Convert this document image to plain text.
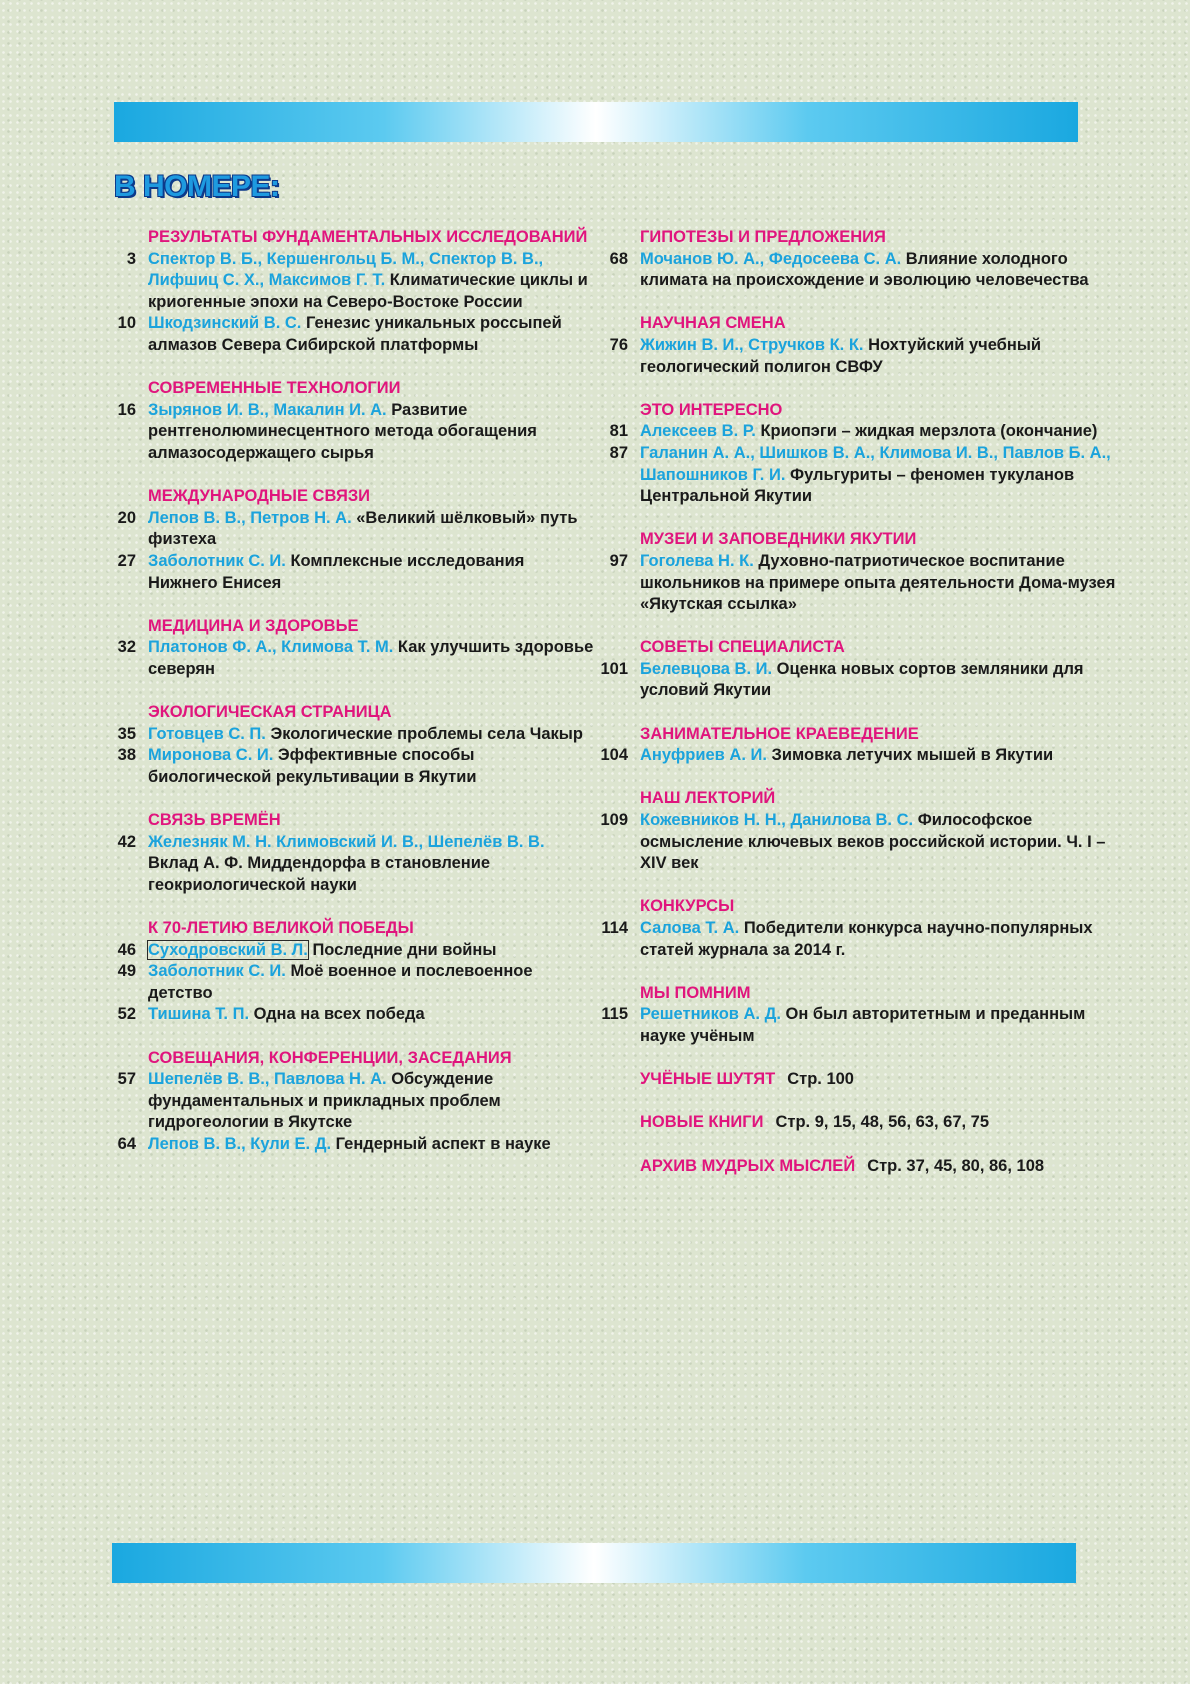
В НОМЕРЕ:
РЕЗУЛЬТАТЫ ФУНДАМЕНТАЛЬНЫХ ИССЛЕДОВАНИЙ
3 Спектор В. Б., Кершенгольц Б. М., Спектор В. В., Лифшиц С. Х., Максимов Г. Т. Климатические циклы и криогенные эпохи на Северо-Востоке России
10 Шкодзинский В. С. Генезис уникальных россыпей алмазов Севера Сибирской платформы
СОВРЕМЕННЫЕ ТЕХНОЛОГИИ
16 Зырянов И. В., Макалин И. А. Развитие рентгенолюминесцентного метода обогащения алмазосодержащего сырья
МЕЖДУНАРОДНЫЕ СВЯЗИ
20 Лепов В. В., Петров Н. А. «Великий шёлковый» путь физтеха
27 Заболотник С. И. Комплексные исследования Нижнего Енисея
МЕДИЦИНА И ЗДОРОВЬЕ
32 Платонов Ф. А., Климова Т. М. Как улучшить здоровье северян
ЭКОЛОГИЧЕСКАЯ СТРАНИЦА
35 Готовцев С. П. Экологические проблемы села Чакыр
38 Миронова С. И. Эффективные способы биологической рекультивации в Якутии
СВЯЗЬ ВРЕМЁН
42 Железняк М. Н. Климовский И. В., Шепелёв В. В. Вклад А. Ф. Миддендорфа в становление геокриологической науки
К 70-ЛЕТИЮ ВЕЛИКОЙ ПОБЕДЫ
46 Суходровский В. Л. Последние дни войны
49 Заболотник С. И. Моё военное и послевоенное детство
52 Тишина Т. П. Одна на всех победа
СОВЕЩАНИЯ, КОНФЕРЕНЦИИ, ЗАСЕДАНИЯ
57 Шепелёв В. В., Павлова Н. А. Обсуждение фундаментальных и прикладных проблем гидрогеологии в Якутске
64 Лепов В. В., Кули Е. Д. Гендерный аспект в науке
ГИПОТЕЗЫ И ПРЕДЛОЖЕНИЯ
68 Мочанов Ю. А., Федосеева С. А. Влияние холодного климата на происхождение и эволюцию человечества
НАУЧНАЯ СМЕНА
76 Жижин В. И., Стручков К. К. Нохтуйский учебный геологический полигон СВФУ
ЭТО ИНТЕРЕСНО
81 Алексеев В. Р. Криопэги – жидкая мерзлота (окончание)
87 Галанин А. А., Шишков В. А., Климова И. В., Павлов Б. А., Шапошников Г. И. Фульгуриты – феномен тукуланов Центральной Якутии
МУЗЕИ И ЗАПОВЕДНИКИ ЯКУТИИ
97 Гоголева Н. К. Духовно-патриотическое воспитание школьников на примере опыта деятельности Дома-музея «Якутская ссылка»
СОВЕТЫ СПЕЦИАЛИСТА
101 Белевцова В. И. Оценка новых сортов земляники для условий Якутии
ЗАНИМАТЕЛЬНОЕ КРАЕВЕДЕНИЕ
104 Ануфриев А. И. Зимовка летучих мышей в Якутии
НАШ ЛЕКТОРИЙ
109 Кожевников Н. Н., Данилова В. С. Философское осмысление ключевых веков российской истории. Ч. I – XIV век
КОНКУРСЫ
114 Салова Т. А. Победители конкурса научно-популярных статей журнала за 2014 г.
МЫ ПОМНИМ
115 Решетников А. Д. Он был авторитетным и преданным науке учёным
УЧЁНЫЕ ШУТЯТ Стр. 100
НОВЫЕ КНИГИ Стр. 9, 15, 48, 56, 63, 67, 75
АРХИВ МУДРЫХ МЫСЛЕЙ Стр. 37, 45, 80, 86, 108
